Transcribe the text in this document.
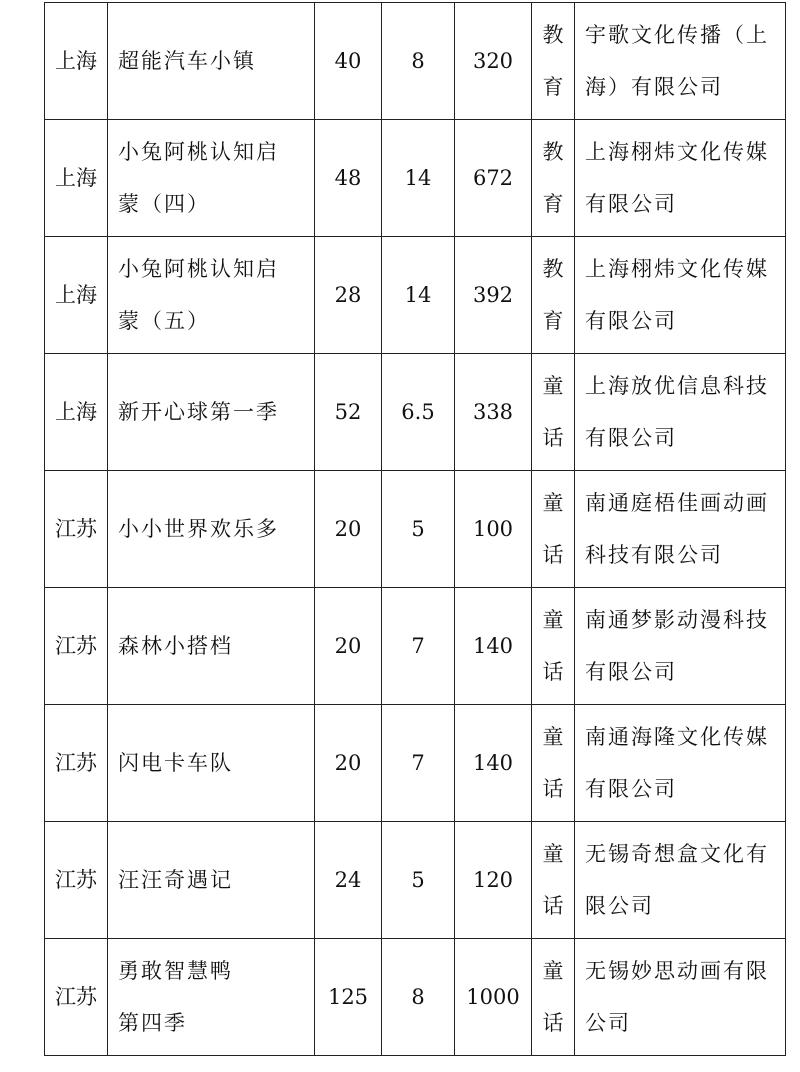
上海	超能汽车小镇	40	8	320	教
育	宇歌文化传播（上
海）有限公司

上海	小兔阿桃认知启
蒙（四）	48	14	672	教
育	上海栩炜文化传媒
有限公司

上海	小兔阿桃认知启
蒙（五）	28	14	392	教
育	上海栩炜文化传媒
有限公司

上海	新开心球第一季	52	6.5	338	童
话	上海放优信息科技
有限公司

江苏	小小世界欢乐多	20	5	100	童
话	南通庭梧佳画动画
科技有限公司

江苏	森林小搭档	20	7	140	童
话	南通梦影动漫科技
有限公司

江苏	闪电卡车队	20	7	140	童
话	南通海隆文化传媒
有限公司

江苏	汪汪奇遇记	24	5	120	童
话	无锡奇想盒文化有
限公司

江苏	勇敢智慧鸭
第四季	125	8	1000	童
话	无锡妙思动画有限
公司
